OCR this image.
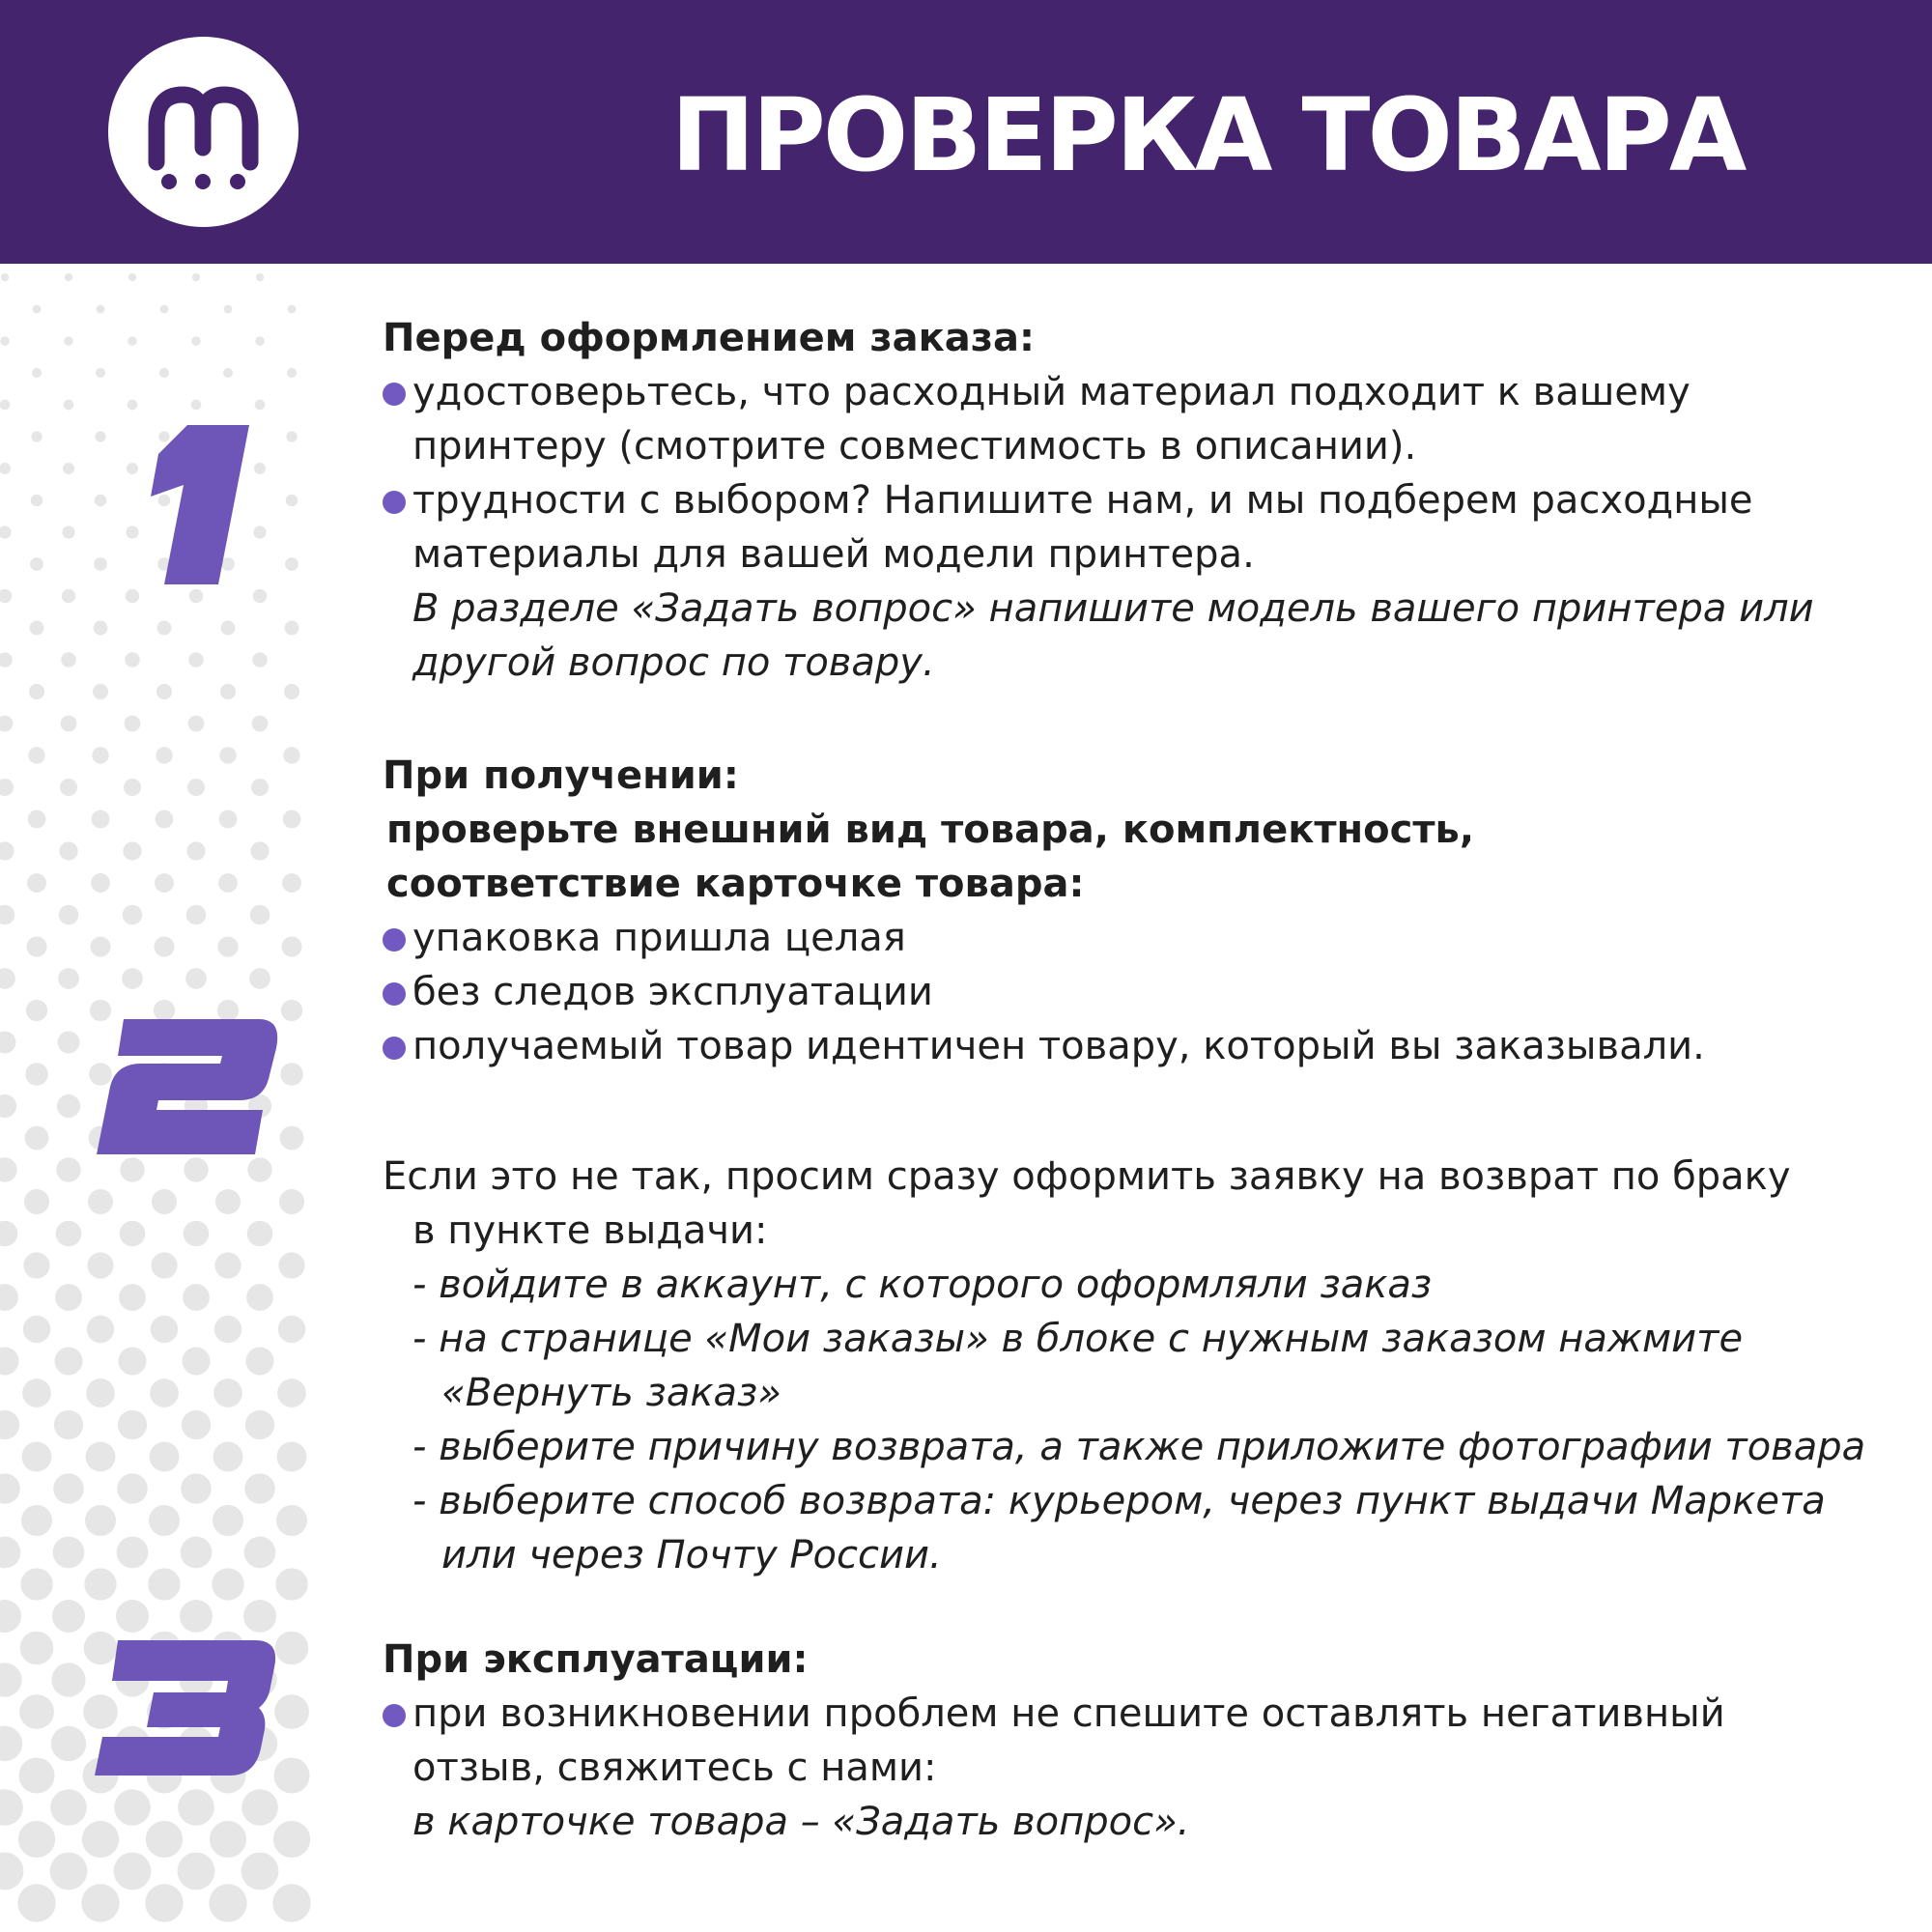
ПРОВЕРКА ТОВАРА
Перед оформлением заказа:
удостоверьтесь, что расходный материал подходит к вашему
принтеру (смотрите совместимость в описании).
трудности с выбором? Напишите нам, и мы подберем расходные
материалы для вашей модели принтера.
В разделе «Задать вопрос» напишите модель вашего принтера или
другой вопрос по товару.
При получении:
проверьте внешний вид товара, комплектность,
соответствие карточке товара:
упаковка пришла целая
без следов эксплуатации
получаемый товар идентичен товару, который вы заказывали.
Если это не так, просим сразу оформить заявку на возврат по браку
в пункте выдачи:
- войдите в аккаунт, с которого оформляли заказ
- на странице «Мои заказы» в блоке с нужным заказом нажмите
«Вернуть заказ»
- выберите причину возврата, а также приложите фотографии товара
- выберите способ возврата: курьером, через пункт выдачи Маркета
или через Почту России.
При эксплуатации:
при возникновении проблем не спешите оставлять негативный
отзыв, свяжитесь с нами:
в карточке товара – «Задать вопрос».
